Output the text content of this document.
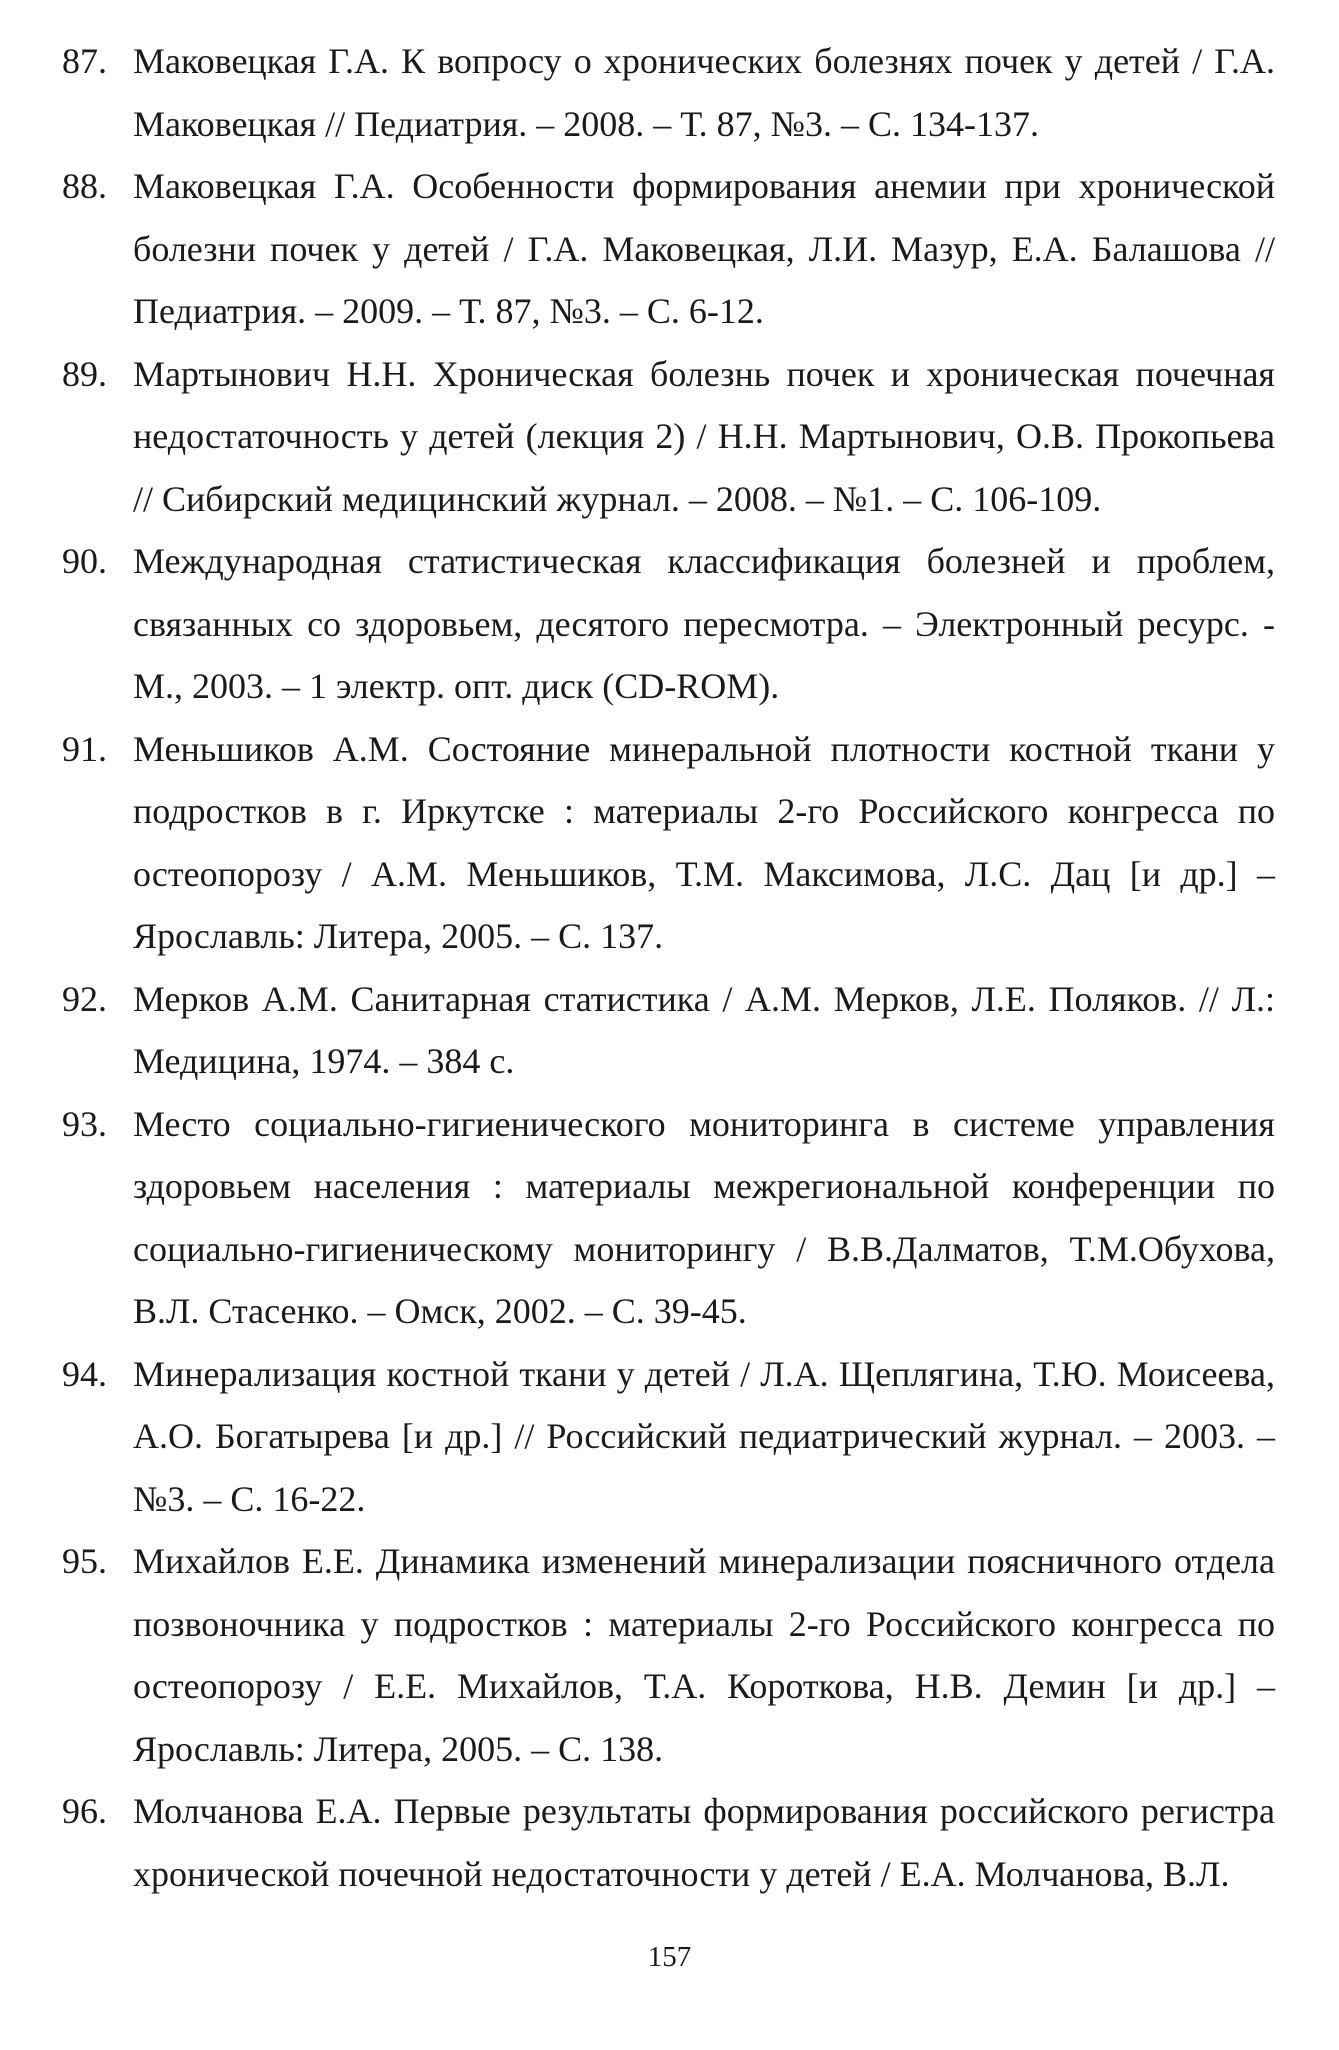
87. Маковецкая Г.А. К вопросу о хронических болезнях почек у детей / Г.А. Маковецкая // Педиатрия. – 2008. – Т. 87, №3. – С. 134-137.
88. Маковецкая Г.А. Особенности формирования анемии при хронической болезни почек у детей / Г.А. Маковецкая, Л.И. Мазур, Е.А. Балашова // Педиатрия. – 2009. – Т. 87, №3. – С. 6-12.
89. Мартынович Н.Н. Хроническая болезнь почек и хроническая почечная недостаточность у детей (лекция 2) / Н.Н. Мартынович, О.В. Прокопьева // Сибирский медицинский журнал. – 2008. – №1. – С. 106-109.
90. Международная статистическая классификация болезней и проблем, связанных со здоровьем, десятого пересмотра. – Электронный ресурс. - М., 2003. – 1 электр. опт. диск (CD-ROM).
91. Меньшиков А.М. Состояние минеральной плотности костной ткани у подростков в г. Иркутске : материалы 2-го Российского конгресса по остеопорозу / А.М. Меньшиков, Т.М. Максимова, Л.С. Дац [и др.] – Ярославль: Литера, 2005. – С. 137.
92. Мерков А.М. Санитарная статистика / А.М. Мерков, Л.Е. Поляков. // Л.: Медицина, 1974. – 384 с.
93. Место социально-гигиенического мониторинга в системе управления здоровьем населения : материалы межрегиональной конференции по социально-гигиеническому мониторингу / В.В.Далматов, Т.М.Обухова, В.Л. Стасенко. – Омск, 2002. – С. 39-45.
94. Минерализация костной ткани у детей / Л.А. Щеплягина, Т.Ю. Моисеева, А.О. Богатырева [и др.] // Российский педиатрический журнал. – 2003. – №3. – С. 16-22.
95. Михайлов Е.Е. Динамика изменений минерализации поясничного отдела позвоночника у подростков : материалы 2-го Российского конгресса по остеопорозу / Е.Е. Михайлов, Т.А. Короткова, Н.В. Демин [и др.] – Ярославль: Литера, 2005. – С. 138.
96. Молчанова Е.А. Первые результаты формирования российского регистра хронической почечной недостаточности у детей / Е.А. Молчанова, В.Л.
157
